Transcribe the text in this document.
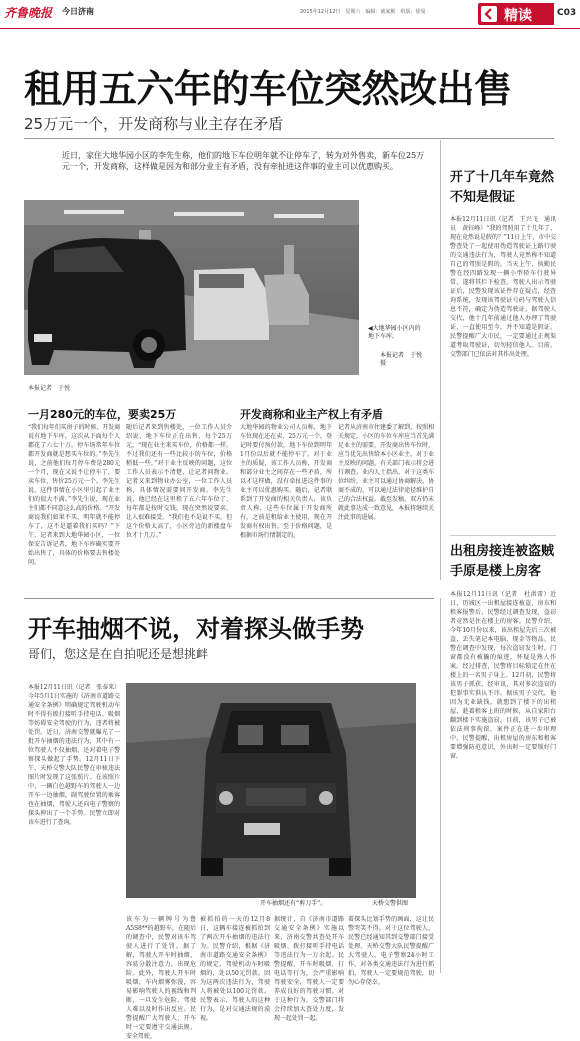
齐鲁晚报 今日济南	2015年12月12日　星期六　编辑：戚家彬　组版：徐曼	精读	C03
租用五六年的车位突然改出售
25万元一个，开发商称与业主存在矛盾
近日，家住大地华园小区的李先生称，他们的地下车位明年就不让停车了，转为对外售卖，新车位25万元一个，开发商称，这样做是因为和部分业主有矛盾，没有牵扯进这件事的业主可以优惠购买。
◀大地华园小区内的地下车库。
本报记者　于悦　摄
本报记者　于悦
一月280元的车位，要卖25万	开发商称和业主产权上有矛盾
“我们每年们买房子的时候，开发商说有地下车库，这次从下面每个人都花了六七十万。停车场常年车位都开发商就是想买车位的。”李先生说，之前他们每月停车费是280元一个月，现在又说不让停车了，要卖车位，售价25万元一个。李先生说，这件事情在小区里引起了业主们的很大不满。”李先生说，现在业主们都不同意这么高的价格。“开发商说我们如果不买，明年就不能停车了，这不是逼着我们买吗？”下午，记者来到大地华园小区，一位保安告诉记者，地下车库确实要开始出售了，具体的价格要去售楼处问。
随后记者来到售楼处，一位工作人员介绍说，地下车位正在出售，每个25万元，“现在业主来买车位，价格都一样。不过我们还有一些比较小的车位，价格稍低一些。”对于业主反映的问题，这位工作人员表示不清楚，让记者问物业。记者又来到物业办公室，一位工作人员称，具体情况需要问开发商。李先生说，他已经在这里租了五六年车位了，每年都是按时交钱，现在突然说要卖，让人很难接受。“我们也不是说不买，但这个价格太高了，小区旁边的新楼盘车位才十几万。”
大地华园的物业公司人员称，地下车位现在还在卖，25万元一个，登记时要付预付款，地下车位到明年1月份以后就不能停车了。对于业主的质疑，该工作人员称，开发商和部分业主之间存在一些矛盾，所以才这样做，没有牵扯进这件事的业主可以优惠购买。随后，记者联系到了开发商的相关负责人，该负责人称，这些车位属于开发商所有，之前是租给业主使用，现在开发商有权出售。至于价格问题，是根据市场行情制定的。
记者从济南市住建委了解到，按照相关规定，小区的车位车库应当首先满足业主的需要，开发商出售车位时，应当优先出售给本小区业主。对于业主反映的问题，有关部门表示将会进行调查。业内人士指出，对于这类车位纠纷，业主可以通过协商解决，协商不成的，可以通过法律途径维护自己的合法权益。截至发稿，双方仍未就此事达成一致意见，本报将继续关注此事的进展。
开了十几年车竟然不知是假证
本报12月11日讯（记者　王兴飞　通讯员　黄钰峰）“我的驾照用了十几年了，现在竟然说是假的？”11日上午，市中交警查处了一起使用伪造驾驶证上路行驶的交通违法行为，驾驶人竟然称不知道自己的驾照是假的。当天上午，执勤民警在经四路发现一辆小型轿车行驶异常，遂将其拦下检查。驾驶人出示驾驶证后，民警发现该证件存在疑点，经查询系统，发现该驾驶证号码与驾驶人信息不符，确定为伪造驾驶证。据驾驶人交代，他十几年前通过他人办理了驾驶证，一直使用至今，并不知道是假证。民警提醒广大市民，一定要通过正规渠道考取驾驶证，切勿轻信他人。目前，交警部门已依法对其作出处理。
出租房接连被盗贼手原是楼上房客
本报12月11日讯（记者　杜洪雷）近日，历城区一出租屋接连被盗，房东和租客报警后，民警经过调查发现，盗窃者竟然是住在楼上的房客。民警介绍，今年10月份以来，该出租屋先后三次被盗，丢失笔记本电脑、现金等物品。民警在调查中发现，每次盗窃发生时，门窗都没有被撬的痕迹，怀疑是熟人作案。经过排查，民警将目标锁定在住在楼上的一名男子身上。12月初，民警将该男子抓获，经审讯，其对多次盗窃的犯罪事实供认不讳。据该男子交代，他因为无业缺钱，就想到了楼下的出租屋，趁着租客上班的时候，从自家阳台翻到楼下实施盗窃。目前，该男子已被依法刑事拘留，案件正在进一步审理中。民警提醒，出租房屋的房东和租客要增强防范意识，外出时一定要锁好门窗。
开车抽烟不说，对着探头做手势
哥们，您这是在自拍呢还是想挑衅
开车抽烟还有“剪刀手”。	天桥交警供图
本报12月11日讯（记者　张泰来）今年5月1日实施的《济南市道路交通安全条例》明确规定驾驶机动车时不得有拨打接听手持电话、吸烟等妨碍安全驾驶的行为，违者将被处罚。近日，济南交警就曝光了一批开车抽烟的违法行为，其中有一位驾驶人不仅抽烟，还对着电子警察探头做起了手势。12月11日下午，天桥交警大队民警在审核违法图片时发现了这张照片。在该照片中，一辆白色越野车的驾驶人一边开车一边抽烟，副驾驶位置的乘客也在抽烟，驾驶人还向电子警察的探头伸出了一个手势。民警立即对该车进行了查询。
该车为一辆牌号为鲁A5S8**的越野车，在随后的调查中，民警对该车驾驶人进行了处罚。据了解，驾驶人开车时抽烟，容易分散注意力，出现危险。此外，驾驶人开车时吸烟，车内烟雾弥漫，容易影响驾驶人的视线和判断，一旦发生危险，驾驶人难以及时作出反应。民警提醒广大驾驶人，开车时一定要遵守交通法规，安全驾驶。
被抓拍的一天的12月8日，这辆车接连被抓拍到了两次开车抽烟的违法行为。民警介绍，根据《济南市道路交通安全条例》的规定，驾驶机动车时吸烟的，处以50元罚款。因为这两次违法行为，驾驶人将被处以100元罚款。民警表示，驾驶人的这种行为，是对交通法规的漠视。
据统计，自《济南市道路交通安全条例》实施以来，济南交警共查处开车吸烟、拨打接听手持电话等违法行为一万余起。民警提醒，开车时吸烟、打电话等行为，会严重影响驾驶安全，驾驶人一定要养成良好的驾驶习惯。对于这种行为，交警部门将会持续加大查处力度，发现一起处罚一起。
着探头比划手势的画面，这让民警哭笑不得。对于这位驾驶人，民警已经通知其到交警部门接受处理。天桥交警大队民警提醒广大驾驶人，电子警察24小时工作，对各类交通违法行为进行抓拍，驾驶人一定要规范驾驶，切勿心存侥幸。
